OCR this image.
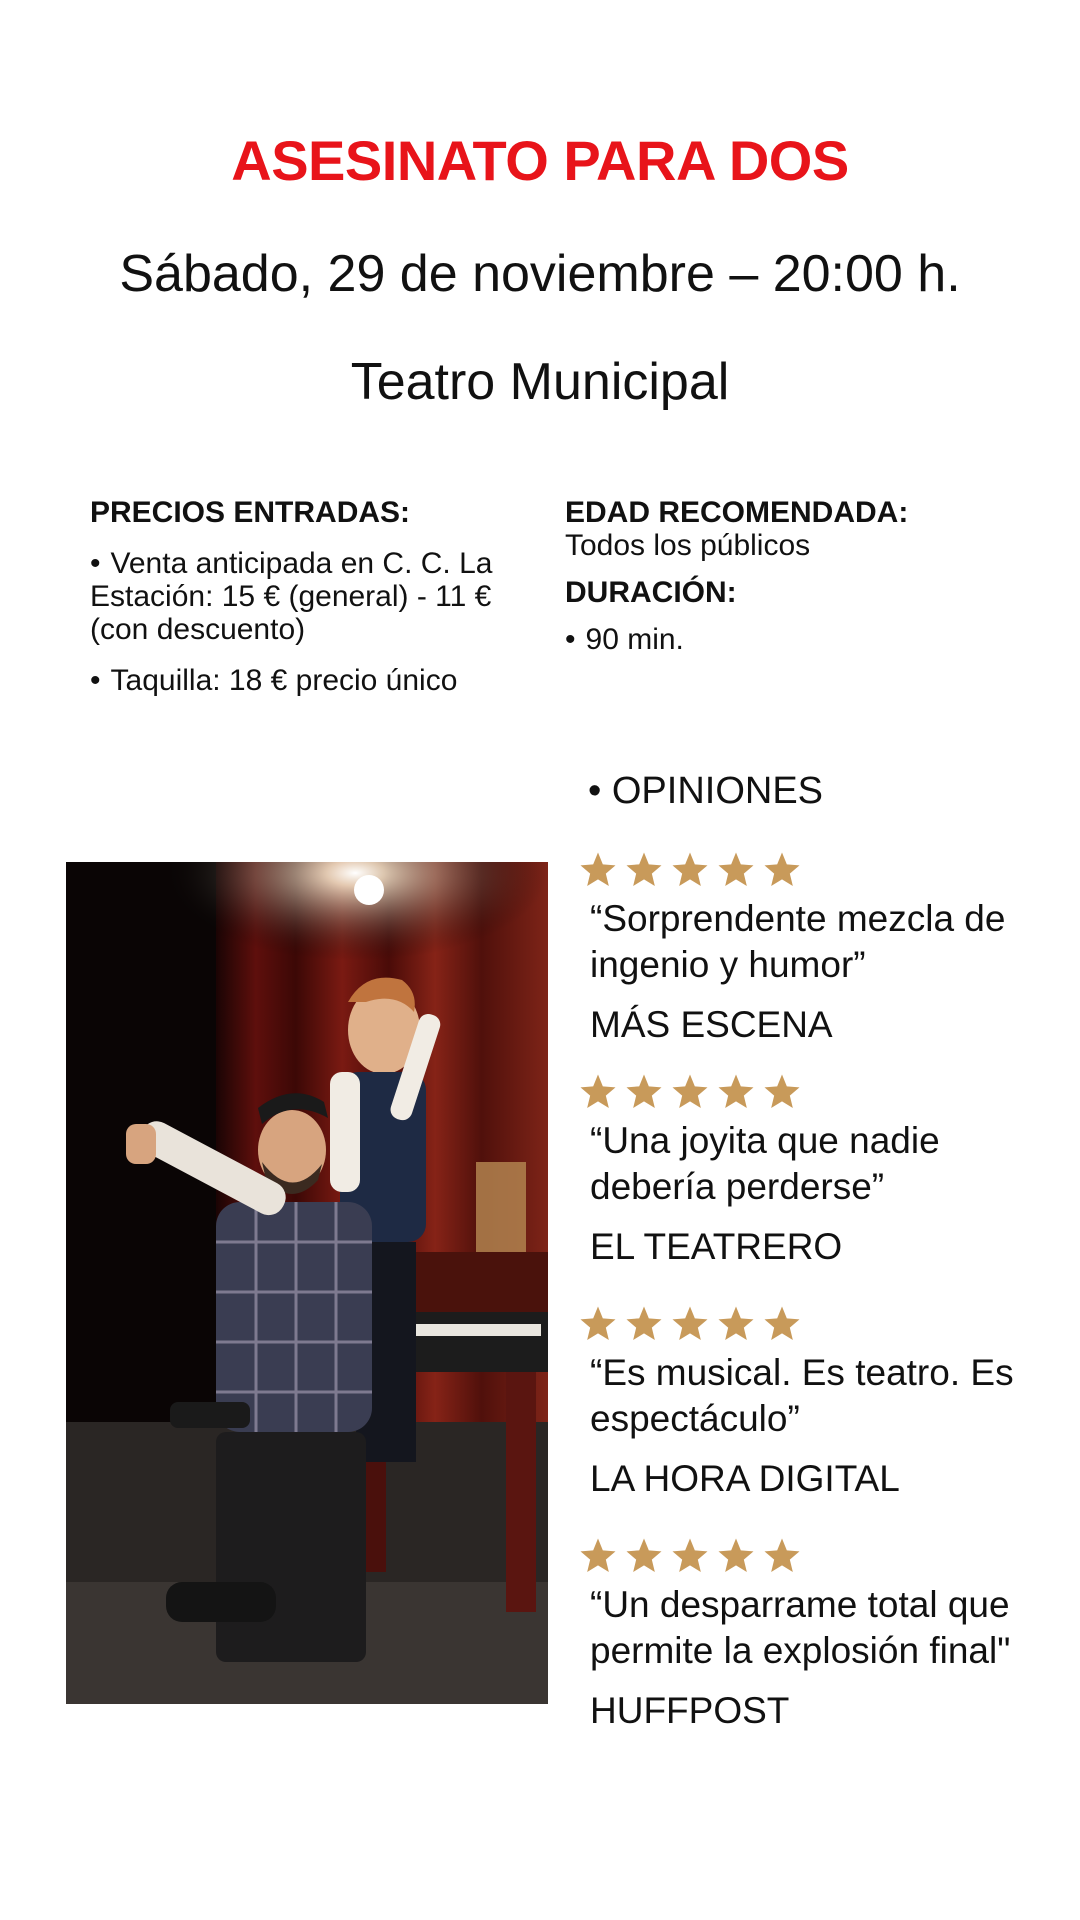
ASESINATO PARA DOS

Sábado, 29 de noviembre – 20:00 h.

Teatro Municipal

PRECIOS ENTRADAS:
• Venta anticipada en C. C. La Estación: 15 € (general) - 11 € (con descuento)
• Taquilla: 18 € precio único
EDAD RECOMENDADA:
Todos los públicos
DURACIÓN:
• 90 min.

• OPINIONES

“Sorprendente mezcla de ingenio y humor”

MÁS ESCENA

“Una joyita que nadie debería perderse”

EL TEATRERO

“Es musical. Es teatro. Es espectáculo”

LA HORA DIGITAL

“Un desparrame total que permite la explosión final"

HUFFPOST
